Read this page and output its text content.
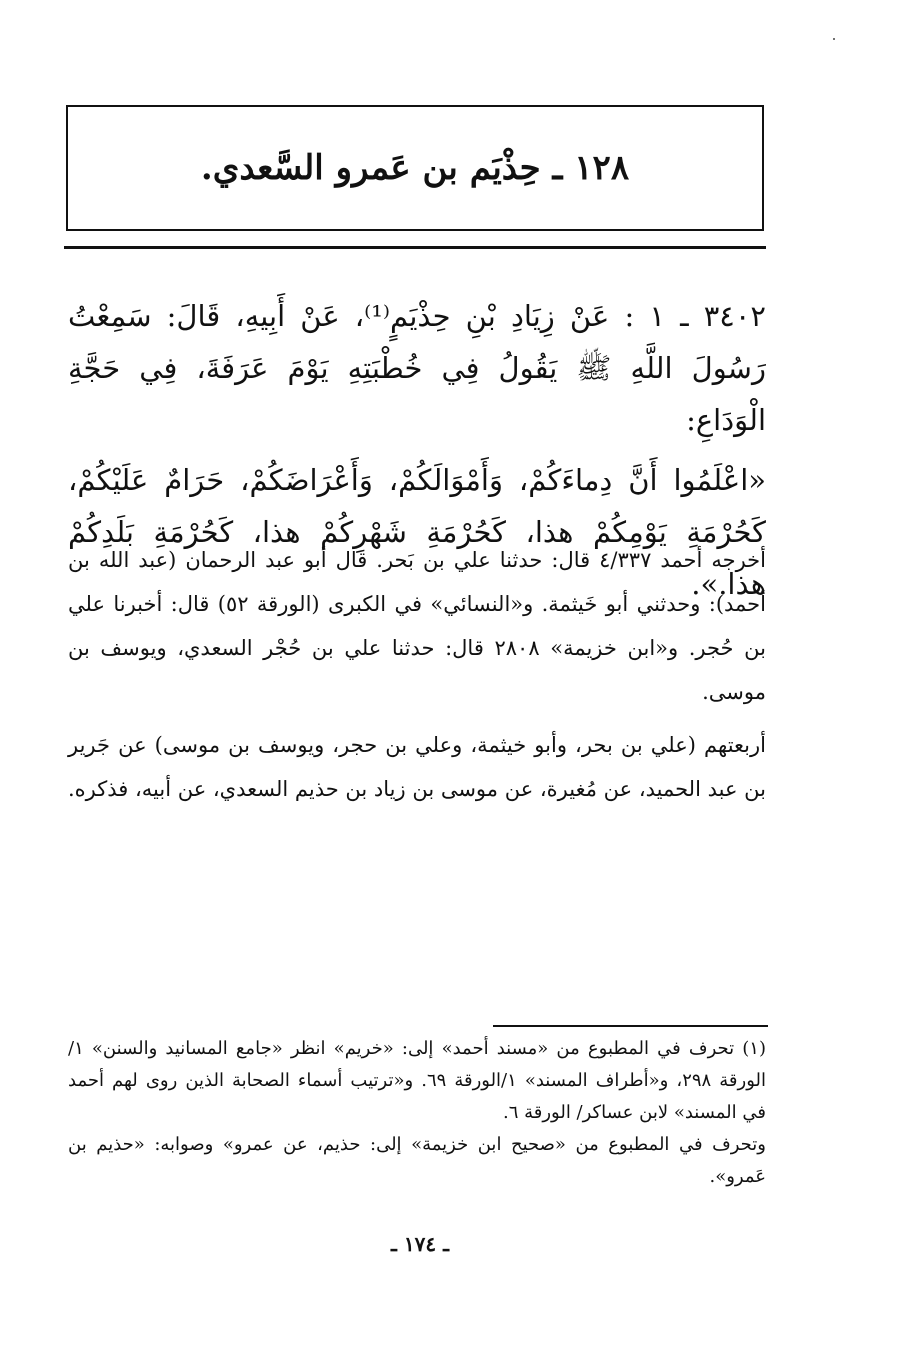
١٢٨ ـ حِذْيَم بن عَمرو السَّعدي.

٣٤٠٢ ـ ١ : عَنْ زِيَادِ بْنِ حِذْيَمٍ⁽¹⁾، عَنْ أَبِيهِ، قَالَ: سَمِعْتُ رَسُولَ اللَّهِ ﷺ يَقُولُ فِي خُطْبَتِهِ يَوْمَ عَرَفَةَ، فِي حَجَّةِ الْوَدَاعِ:

«اعْلَمُوا أَنَّ دِماءَكُمْ، وَأَمْوَالَكُمْ، وَأَعْرَاضَكُمْ، حَرَامٌ عَلَيْكُمْ، كَحُرْمَةِ يَوْمِكُمْ هذا، كَحُرْمَةِ شَهْرِكُمْ هذا، كَحُرْمَةِ بَلَدِكُمْ هذا.».

أخرجه أحمد ٤/٣٣٧ قال: حدثنا علي بن بَحر. قال أبو عبد الرحمان (عبد الله بن أحمد): وحدثني أبو خَيثمة. و«النسائي» في الكبرى (الورقة ٥٢) قال: أخبرنا علي بن حُجر. و«ابن خزيمة» ٢٨٠٨ قال: حدثنا علي بن حُجْر السعدي، ويوسف بن موسى.

أربعتهم (علي بن بحر، وأبو خيثمة، وعلي بن حجر، ويوسف بن موسى) عن جَرير بن عبد الحميد، عن مُغيرة، عن موسى بن زياد بن حذيم السعدي، عن أبيه، فذكره.

(١) تحرف في المطبوع من «مسند أحمد» إلى: «خريم» انظر «جامع المسانيد والسنن» ١/الورقة ٢٩٨، و«أطراف المسند» ١/الورقة ٦٩. و«ترتيب أسماء الصحابة الذين روى لهم أحمد في المسند» لابن عساكر/ الورقة ٦.

وتحرف في المطبوع من «صحيح ابن خزيمة» إلى: حذيم، عن عمرو» وصوابه: «حذيم بن عَمرو».

ـ ١٧٤ ـ
